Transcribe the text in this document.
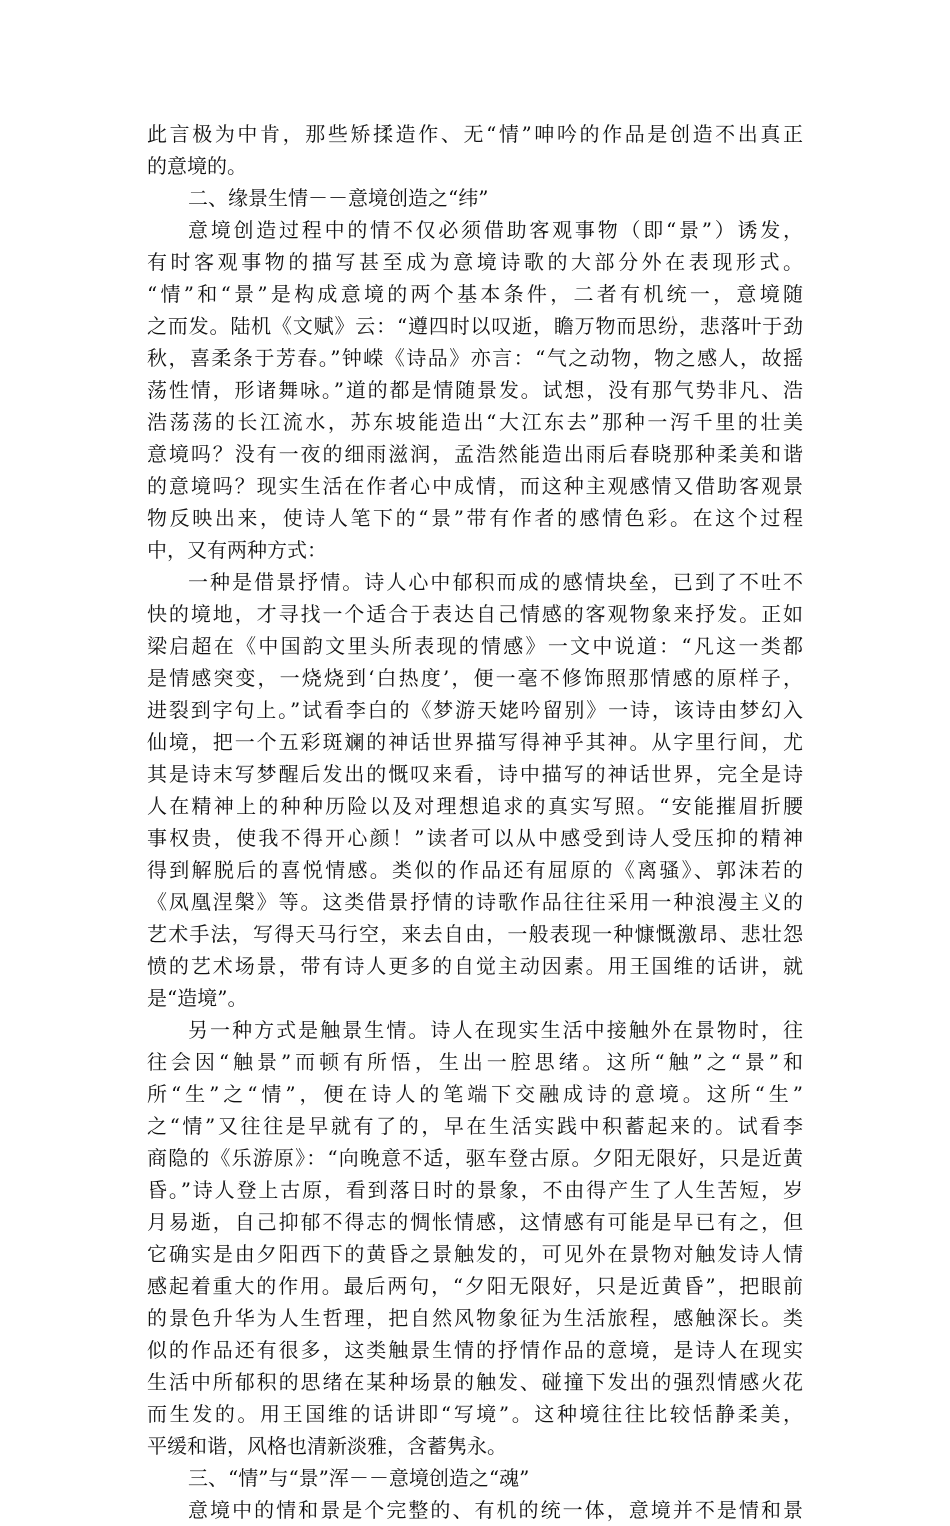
此言极为中肯，那些矫揉造作、无“情”呻吟的作品是创造不出真正
的意境的。
二、缘景生情－－意境创造之“纬”
意境创造过程中的情不仅必须借助客观事物（即“景”）诱发，
有时客观事物的描写甚至成为意境诗歌的大部分外在表现形式。
“情”和“景”是构成意境的两个基本条件，二者有机统一，意境随
之而发。陆机《文赋》云：“遵四时以叹逝，瞻万物而思纷，悲落叶于劲
秋，喜柔条于芳春。”钟嵘《诗品》亦言：“气之动物，物之感人，故摇
荡性情，形诸舞咏。”道的都是情随景发。试想，没有那气势非凡、浩
浩荡荡的长江流水，苏东坡能造出“大江东去”那种一泻千里的壮美
意境吗？没有一夜的细雨滋润，孟浩然能造出雨后春晓那种柔美和谐
的意境吗？现实生活在作者心中成情，而这种主观感情又借助客观景
物反映出来，使诗人笔下的“景”带有作者的感情色彩。在这个过程
中，又有两种方式：
一种是借景抒情。诗人心中郁积而成的感情块垒，已到了不吐不
快的境地，才寻找一个适合于表达自己情感的客观物象来抒发。正如
梁启超在《中国韵文里头所表现的情感》一文中说道：“凡这一类都
是情感突变，一烧烧到‘白热度’，便一毫不修饰照那情感的原样子，
进裂到字句上。”试看李白的《梦游天姥吟留别》一诗，该诗由梦幻入
仙境，把一个五彩斑斓的神话世界描写得神乎其神。从字里行间，尤
其是诗末写梦醒后发出的慨叹来看，诗中描写的神话世界，完全是诗
人在精神上的种种历险以及对理想追求的真实写照。“安能摧眉折腰
事权贵，使我不得开心颜！”读者可以从中感受到诗人受压抑的精神
得到解脱后的喜悦情感。类似的作品还有屈原的《离骚》、郭沫若的
《凤凰涅槃》等。这类借景抒情的诗歌作品往往采用一种浪漫主义的
艺术手法，写得天马行空，来去自由，一般表现一种慷慨激昂、悲壮怨
愤的艺术场景，带有诗人更多的自觉主动因素。用王国维的话讲，就
是“造境”。
另一种方式是触景生情。诗人在现实生活中接触外在景物时，往
往会因“触景”而顿有所悟，生出一腔思绪。这所“触”之“景”和
所“生”之“情”，便在诗人的笔端下交融成诗的意境。这所“生”
之“情”又往往是早就有了的，早在生活实践中积蓄起来的。试看李
商隐的《乐游原》：“向晚意不适，驱车登古原。夕阳无限好，只是近黄
昏。”诗人登上古原，看到落日时的景象，不由得产生了人生苦短，岁
月易逝，自己抑郁不得志的惆怅情感，这情感有可能是早已有之，但
它确实是由夕阳西下的黄昏之景触发的，可见外在景物对触发诗人情
感起着重大的作用。最后两句，“夕阳无限好，只是近黄昏”，把眼前
的景色升华为人生哲理，把自然风物象征为生活旅程，感触深长。类
似的作品还有很多，这类触景生情的抒情作品的意境，是诗人在现实
生活中所郁积的思绪在某种场景的触发、碰撞下发出的强烈情感火花
而生发的。用王国维的话讲即“写境”。这种境往往比较恬静柔美，
平缓和谐，风格也清新淡雅，含蓄隽永。
三、“情”与“景”浑－－意境创造之“魂”
意境中的情和景是个完整的、有机的统一体，意境并不是情和景
